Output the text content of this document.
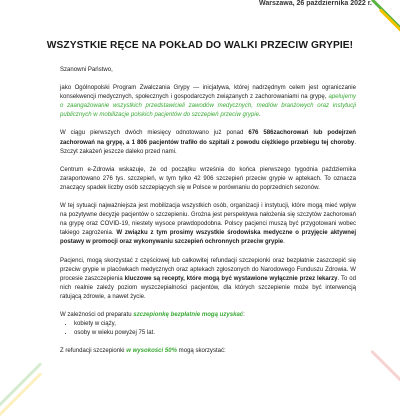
Warszawa, 26 października 2022 r.
WSZYSTKIE RĘCE NA POKŁAD DO WALKI PRZECIW GRYPIE!

Szanowni Państwo,

jako Ogólnopolski Program Zwalczania Grypy — inicjatywa, której nadrzędnym celem jest ograniczanie konsekwencji medycznych, społecznych i gospodarczych związanych z zachorowaniami na grypę, apelujemy o zaangażowanie wszystkich przedstawicieli zawodów medycznych, mediów branżowych oraz instytucji publicznych w mobilizacje polskich pacjentów do szczepień przeciw grypie.

W ciągu pierwszych dwóch miesięcy odnotowano już ponad 676 586zachorowań lub podejrzeń zachorowań na grypę, a 1 806 pacjentów trafiło do szpitali z powodu ciężkiego przebiegu tej choroby. Szczyt zakażeń jeszcze daleko przed nami.

Centrum e-Zdrowia wskazuje, że od początku września do końca pierwszego tygodnia października zaraportowano 276 tys. szczepień, w tym tylko 42 906 szczepień przeciw grypie w aptekach. To oznacza znaczący spadek liczby osób szczepiących się w Polsce w porównaniu do poprzednich sezonów.

W tej sytuacji najważniejsza jest mobilizacja wszystkich osób, organizacji i instytucji, które mogą mieć wpływ na pozytywne decyzje pacjentów o szczepieniu. Grożna jest perspektywa nałożenia się szczytów zachorowań na grypę oraz COVID-19, niestety wysoce prawdopodobna. Polscy pacjenci muszą być przygotowani wobec takiego zagrożenia. W związku z tym prosimy wszystkie środowiska medyczne o przyjęcie aktywnej postawy w promocji oraz wykonywaniu szczepień ochronnych przeciw grypie.

Pacjenci, mogą skorzystać z częściowej lub całkowitej refundacji szczepionki oraz bezpłatnie zaszczepić się przeciw grypie w placówkach medycznych oraz aptekach zgłoszonych do Narodowego Funduszu Zdrowia. W procesie zaszczepienia kluczowe są recepty, które mogą być wystawione wyłącznie przez lekarzy. To od nich realnie zależy poziom wyszczepialności pacjentów, dla których szczepienie może być interwencją ratującą zdrowie, a nawet życie.

W zależności od preparatu szczepionkę bezpłatnie mogą uzyskać:

• kobiety w ciąży,
• osoby w wieku powyżej 75 lat.

Z refundacji szczepionki w wysokości 50% mogą skorzystać:
